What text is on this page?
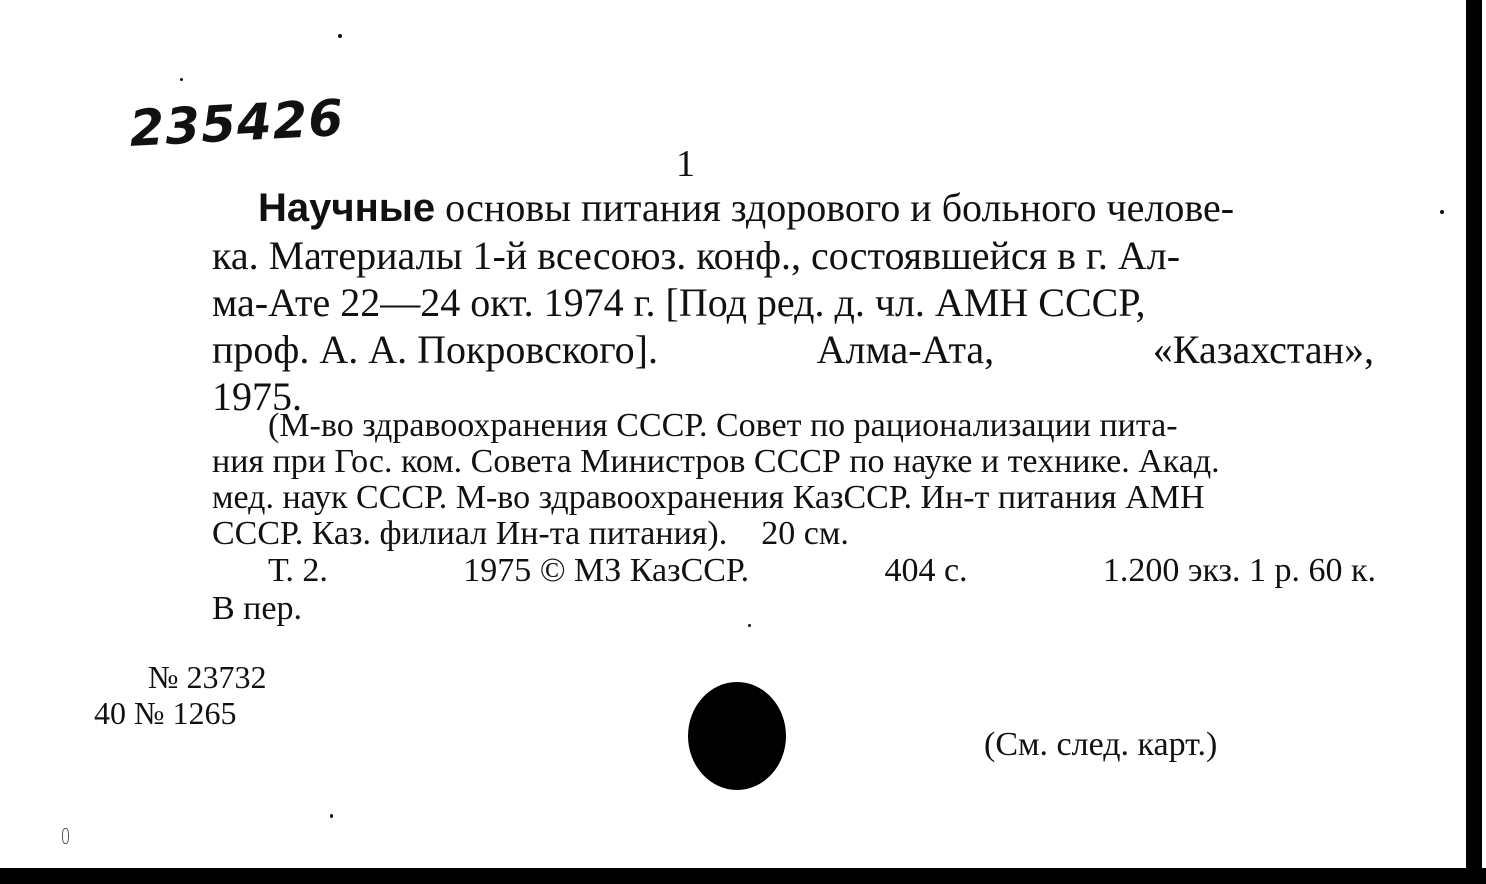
235426
1
Научные основы питания здорового и больного челове-
ка. Материалы 1-й всесоюз. конф., состоявшейся в г. Ал-
ма-Ате 22—24 окт. 1974 г. [Под ред. д. чл. АМН СССР,
проф. А. А. Покровского].	Алма-Ата,	«Казахстан»,
1975.
(М-во здравоохранения СССР. Совет по рационализации пита-
ния при Гос. ком. Совета Министров СССР по науке и технике. Акад.
мед. наук СССР. М-во здравоохранения КазССР. Ин-т питания АМН
СССР. Каз. филиал Ин-та питания).    20 см.
Т. 2.	1975 © МЗ КазССР.	404 с.	1.200 экз. 1 р. 60 к.
В пер.
№ 23732
40 № 1265
(См. след. карт.)
